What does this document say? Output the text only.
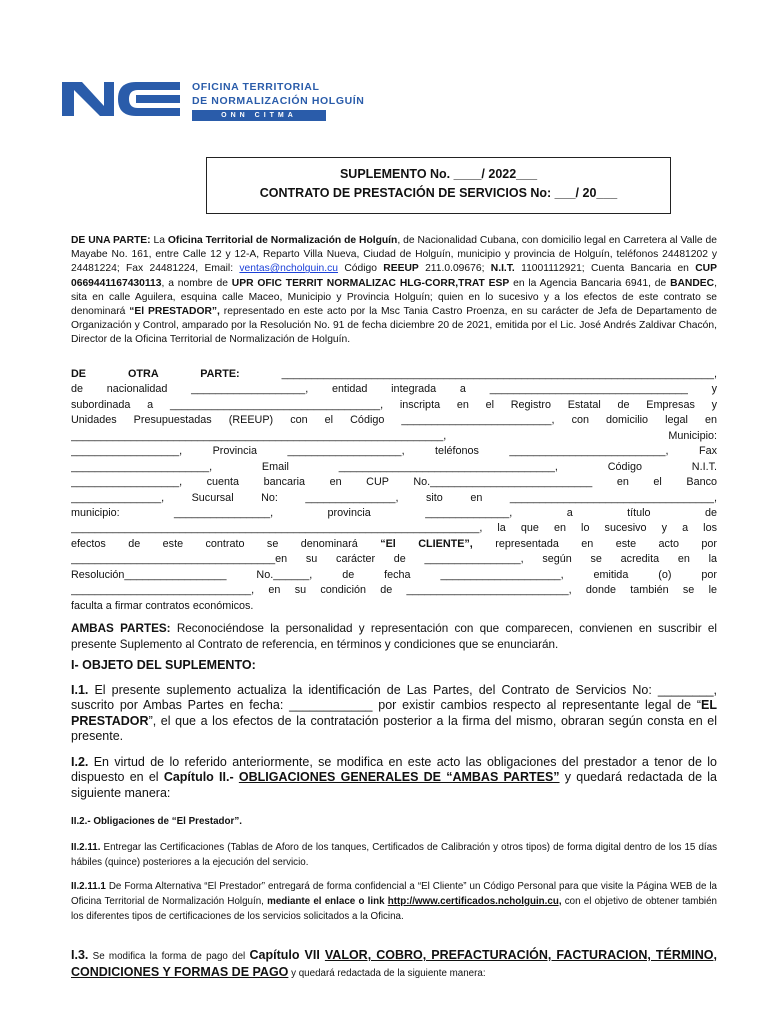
OFICINA TERRITORIAL
DE NORMALIZACIÓN HOLGUÍN
ONN CITMA
SUPLEMENTO No. ____/ 2022___
CONTRATO DE PRESTACIÓN DE SERVICIOS No: ___/ 20___
DE UNA PARTE: La Oficina Territorial de Normalización de Holguín, de Nacionalidad Cubana, con domicilio legal en Carretera al Valle de Mayabe No. 161, entre Calle 12 y 12-A, Reparto Villa Nueva, Ciudad de Holguín, municipio y provincia de Holguín, teléfonos 24481202 y 24481224; Fax 24481224, Email: ventas@ncholguin.cu Código REEUP 211.0.09676; N.I.T. 11001112921; Cuenta Bancaria en CUP 0669441167430113, a nombre de UPR OFIC TERRIT NORMALIZAC HLG-CORR,TRAT ESP en la Agencia Bancaria 6941, de BANDEC, sita en calle Aguilera, esquina calle Maceo, Municipio y Provincia Holguín; quien en lo sucesivo y a los efectos de este contrato se denominará “El PRESTADOR”, representado en este acto por la Msc Tania Castro Proenza, en su carácter de Jefa de Departamento de Organización y Control, amparado por la Resolución No. 91 de fecha diciembre 20 de 2021, emitida por el Lic. José Andrés Zaldivar Chacón, Director de la Oficina Territorial de Normalización de Holguín.
DE OTRA PARTE: ________________________________________________________________________,
de nacionalidad ___________________, entidad integrada a _________________________________ y
subordinada a ___________________________________, inscripta en el Registro Estatal de Empresas y
Unidades Presupuestadas (REEUP) con el Código _________________________, con domicilio legal en
______________________________________________________________, Municipio:
__________________, Provincia ___________________, teléfonos __________________________, Fax
_______________________, Email ____________________________________, Código N.I.T.
__________________, cuenta bancaria en CUP No.___________________________ en el Banco
_______________, Sucursal No: _______________, sito en __________________________________,
municipio: ________________, provincia ______________, a título de
____________________________________________________________________, la que en lo sucesivo y a los
efectos de este contrato se denominará “El CLIENTE”, representada en este acto por
__________________________________en su carácter de ________________, según se acredita en la
Resolución_________________ No.______, de fecha ____________________, emitida (o) por
______________________________, en su condición de ___________________________, donde también se le
faculta a firmar contratos económicos.
AMBAS PARTES: Reconociéndose la personalidad y representación con que comparecen, convienen en suscribir el presente Suplemento al Contrato de referencia, en términos y condiciones que se enunciarán.
I- OBJETO DEL SUPLEMENTO:
I.1. El presente suplemento actualiza la identificación de Las Partes, del Contrato de Servicios No: ________, suscrito por Ambas Partes en fecha: ____________ por existir cambios respecto al representante legal de “EL PRESTADOR”, el que a los efectos de la contratación posterior a la firma del mismo, obraran según consta en el presente.
I.2. En virtud de lo referido anteriormente, se modifica en este acto las obligaciones del prestador a tenor de lo dispuesto en el Capítulo II.- OBLIGACIONES GENERALES DE “AMBAS PARTES” y quedará redactada de la siguiente manera:
II.2.- Obligaciones de “El Prestador”.
II.2.11. Entregar las Certificaciones (Tablas de Aforo de los tanques, Certificados de Calibración y otros tipos) de forma digital dentro de los 15 días hábiles (quince) posteriores a la ejecución del servicio.
II.2.11.1 De Forma Alternativa “El Prestador” entregará de forma confidencial a “El Cliente” un Código Personal para que visite la Página WEB de la Oficina Territorial de Normalización Holguín, mediante el enlace o link http://www.certificados.ncholguin.cu, con el objetivo de obtener también los diferentes tipos de certificaciones de los servicios solicitados a la Oficina.
I.3. Se modifica la forma de pago del Capítulo VII VALOR, COBRO, PREFACTURACIÓN, FACTURACION, TÉRMINO, CONDICIONES Y FORMAS DE PAGO y quedará redactada de la siguiente manera:
